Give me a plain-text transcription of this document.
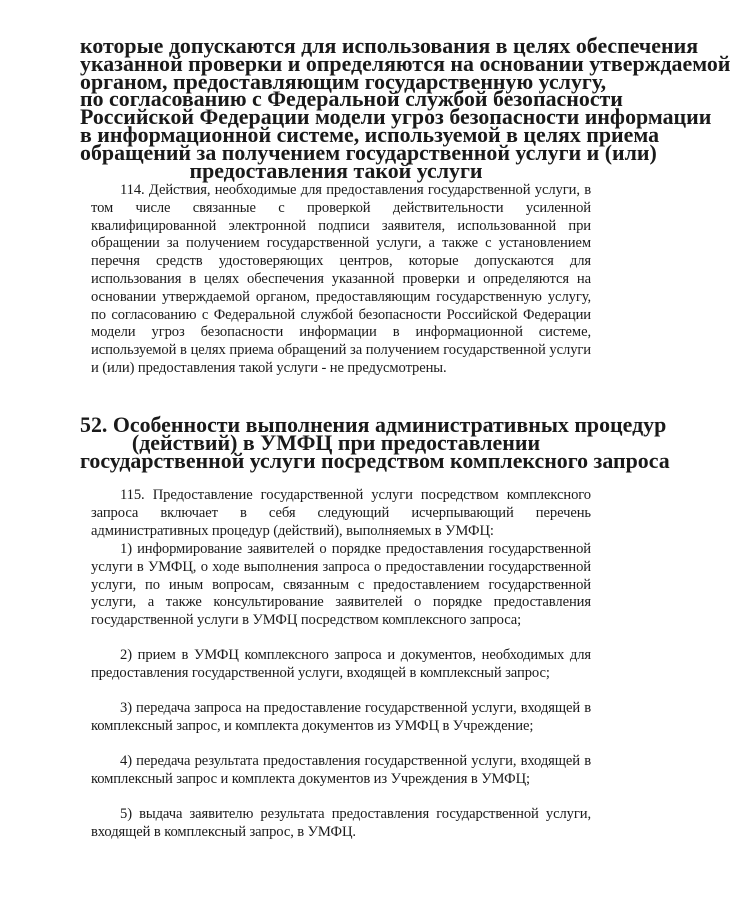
которые допускаются для использования в целях обеспечения
указанной проверки и определяются на основании утверждаемой
органом, предоставляющим государственную услугу,
по согласованию с Федеральной службой безопасности
Российской Федерации модели угроз безопасности информации
в информационной системе, используемой в целях приема
обращений за получением государственной услуги и (или)
предоставления такой услуги

114. Действия, необходимые для предоставления государственной услуги, в том числе связанные с проверкой действительности усиленной квалифицированной электронной подписи заявителя, использованной при обращении за получением государственной услуги, а также с установлением перечня средств удостоверяющих центров, которые допускаются для использования в целях обеспечения указанной проверки и определяются на основании утверждаемой органом, предоставляющим государственную услугу, по согласованию с Федеральной службой безопасности Российской Федерации модели угроз безопасности информации в информационной системе, используемой в целях приема обращений за получением государственной услуги и (или) предоставления такой услуги - не предусмотрены.

52. Особенности выполнения административных процедур
(действий) в УМФЦ при предоставлении
государственной услуги посредством комплексного запроса

115. Предоставление государственной услуги посредством комплексного запроса включает в себя следующий исчерпывающий перечень административных процедур (действий), выполняемых в УМФЦ:

1) информирование заявителей о порядке предоставления государственной услуги в УМФЦ, о ходе выполнения запроса о предоставлении государственной услуги, по иным вопросам, связанным с предоставлением государственной услуги, а также консультирование заявителей о порядке предоставления государственной услуги в УМФЦ посредством комплексного запроса;

2) прием в УМФЦ комплексного запроса и документов, необходимых для предоставления государственной услуги, входящей в комплексный запрос;

3) передача запроса на предоставление государственной услуги, входящей в комплексный запрос, и комплекта документов из УМФЦ в Учреждение;

4) передача результата предоставления государственной услуги, входящей в комплексный запрос и комплекта документов из Учреждения в УМФЦ;

5) выдача заявителю результата предоставления государственной услуги, входящей в комплексный запрос, в УМФЦ.
